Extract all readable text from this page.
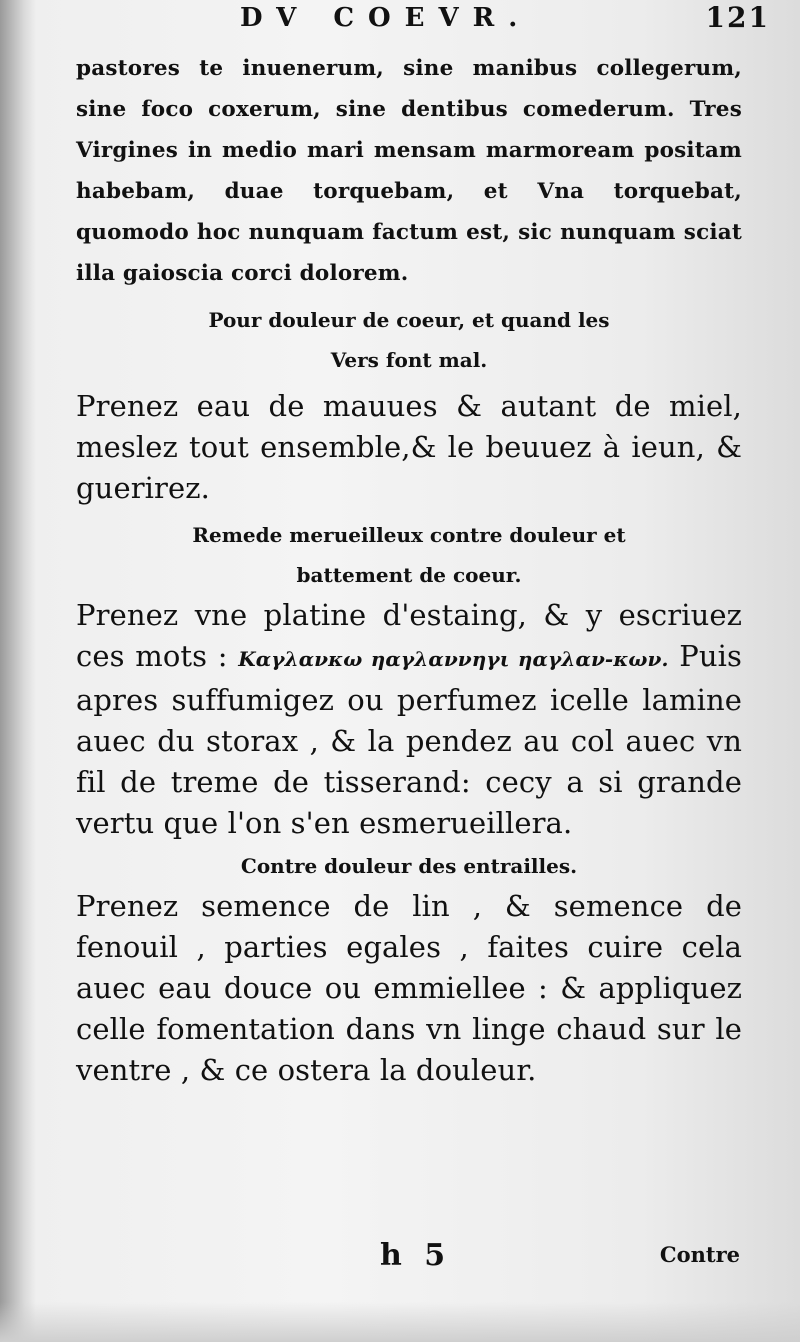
DV COEVR.	121

pastores te inuenerum, sine manibus collegerum, sine foco coxerum, sine dentibus comederum. Tres Virgines in medio mari mensam marmoream positam habebam, duae torquebam, et Vna torquebat, quomodo hoc nunquam factum est, sic nunquam sciat illa gaioscia corci dolorem.

Pour douleur de coeur, et quand les

Vers font mal.

Prenez eau de mauues & autant de miel, meslez tout ensemble,& le beuuez à ieun, & guerirez.

Remede merueilleux contre douleur et

battement de coeur.

Prenez vne platine d'estaing, & y escriuez ces mots : Καγλανκω ηαγλαννηγι ηαγλαν-κων. Puis apres suffumigez ou perfumez icelle lamine auec du storax , & la pendez au col auec vn fil de treme de tisserand: cecy a si grande vertu que l'on s'en esmerueillera.

Contre douleur des entrailles.

Prenez semence de lin , & semence de fenouil , parties egales , faites cuire cela auec eau douce ou emmiellee : & appliquez celle fomentation dans vn linge chaud sur le ventre , & ce ostera la douleur.

h 5	Contre
